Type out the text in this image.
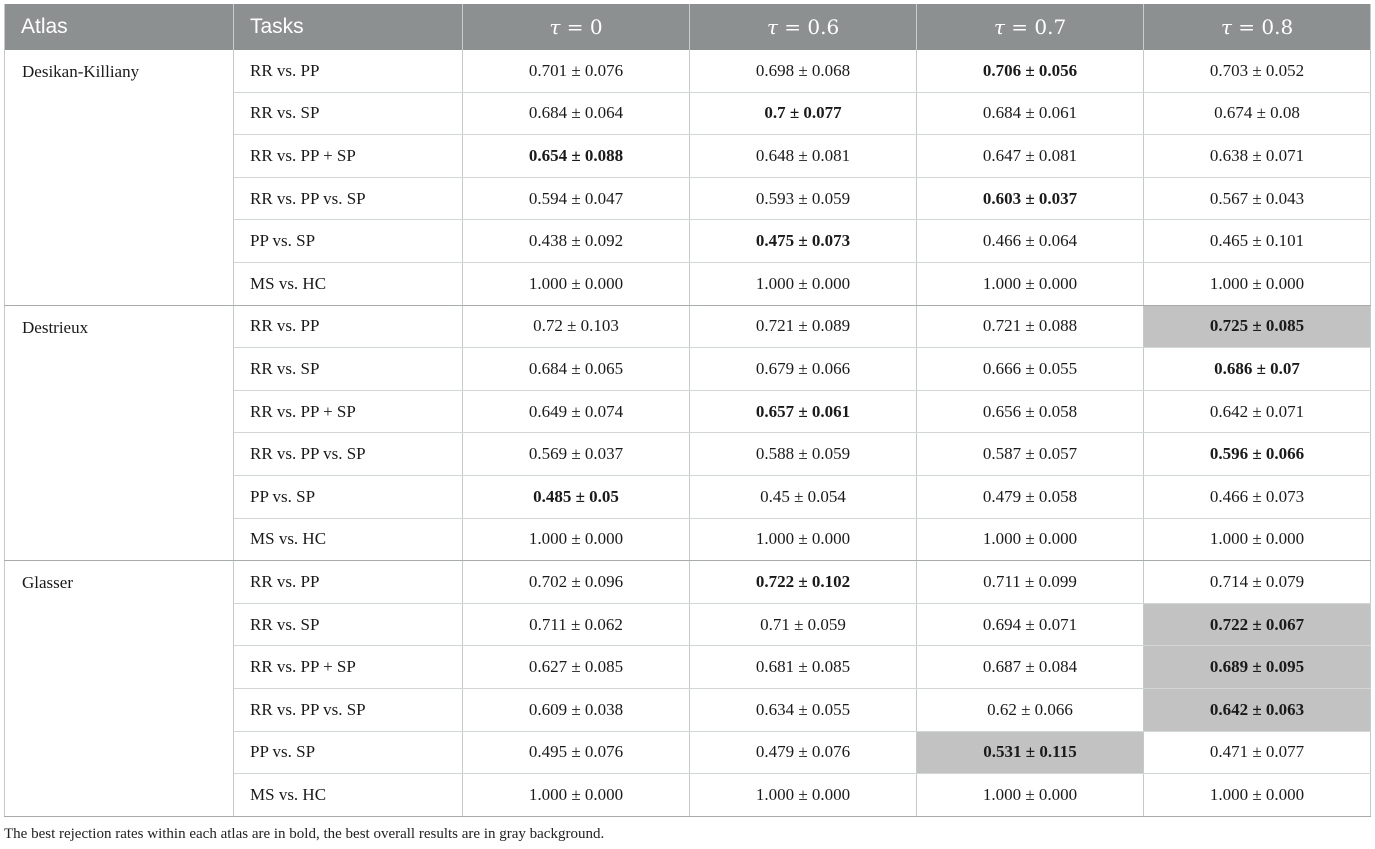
Atlas	Tasks	τ = 0	τ = 0.6	τ = 0.7	τ = 0.8
Desikan-Killiany	RR vs. PP	0.701 ± 0.076	0.698 ± 0.068	0.706 ± 0.056	0.703 ± 0.052
	RR vs. SP	0.684 ± 0.064	0.7 ± 0.077	0.684 ± 0.061	0.674 ± 0.08
	RR vs. PP + SP	0.654 ± 0.088	0.648 ± 0.081	0.647 ± 0.081	0.638 ± 0.071
	RR vs. PP vs. SP	0.594 ± 0.047	0.593 ± 0.059	0.603 ± 0.037	0.567 ± 0.043
	PP vs. SP	0.438 ± 0.092	0.475 ± 0.073	0.466 ± 0.064	0.465 ± 0.101
	MS vs. HC	1.000 ± 0.000	1.000 ± 0.000	1.000 ± 0.000	1.000 ± 0.000
Destrieux	RR vs. PP	0.72 ± 0.103	0.721 ± 0.089	0.721 ± 0.088	0.725 ± 0.085
	RR vs. SP	0.684 ± 0.065	0.679 ± 0.066	0.666 ± 0.055	0.686 ± 0.07
	RR vs. PP + SP	0.649 ± 0.074	0.657 ± 0.061	0.656 ± 0.058	0.642 ± 0.071
	RR vs. PP vs. SP	0.569 ± 0.037	0.588 ± 0.059	0.587 ± 0.057	0.596 ± 0.066
	PP vs. SP	0.485 ± 0.05	0.45 ± 0.054	0.479 ± 0.058	0.466 ± 0.073
	MS vs. HC	1.000 ± 0.000	1.000 ± 0.000	1.000 ± 0.000	1.000 ± 0.000
Glasser	RR vs. PP	0.702 ± 0.096	0.722 ± 0.102	0.711 ± 0.099	0.714 ± 0.079
	RR vs. SP	0.711 ± 0.062	0.71 ± 0.059	0.694 ± 0.071	0.722 ± 0.067
	RR vs. PP + SP	0.627 ± 0.085	0.681 ± 0.085	0.687 ± 0.084	0.689 ± 0.095
	RR vs. PP vs. SP	0.609 ± 0.038	0.634 ± 0.055	0.62 ± 0.066	0.642 ± 0.063
	PP vs. SP	0.495 ± 0.076	0.479 ± 0.076	0.531 ± 0.115	0.471 ± 0.077
	MS vs. HC	1.000 ± 0.000	1.000 ± 0.000	1.000 ± 0.000	1.000 ± 0.000
The best rejection rates within each atlas are in bold, the best overall results are in gray background.
